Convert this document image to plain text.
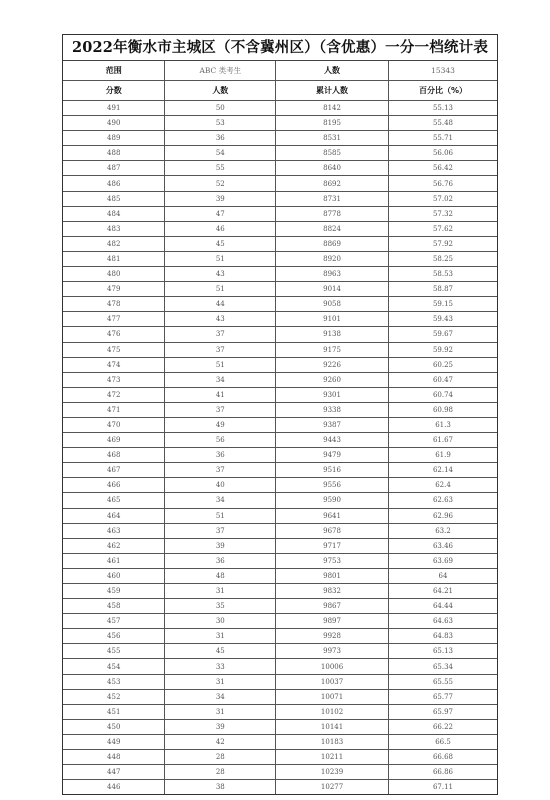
2022年衡水市主城区（不含冀州区）（含优惠）一分一档统计表
范围	ABC 类考生	人数	15343
分数	人数	累计人数	百分比（%）
491	50	8142	55.13
490	53	8195	55.48
489	36	8531	55.71
488	54	8585	56.06
487	55	8640	56.42
486	52	8692	56.76
485	39	8731	57.02
484	47	8778	57.32
483	46	8824	57.62
482	45	8869	57.92
481	51	8920	58.25
480	43	8963	58.53
479	51	9014	58.87
478	44	9058	59.15
477	43	9101	59.43
476	37	9138	59.67
475	37	9175	59.92
474	51	9226	60.25
473	34	9260	60.47
472	41	9301	60.74
471	37	9338	60.98
470	49	9387	61.3
469	56	9443	61.67
468	36	9479	61.9
467	37	9516	62.14
466	40	9556	62.4
465	34	9590	62.63
464	51	9641	62.96
463	37	9678	63.2
462	39	9717	63.46
461	36	9753	63.69
460	48	9801	64
459	31	9832	64.21
458	35	9867	64.44
457	30	9897	64.63
456	31	9928	64.83
455	45	9973	65.13
454	33	10006	65.34
453	31	10037	65.55
452	34	10071	65.77
451	31	10102	65.97
450	39	10141	66.22
449	42	10183	66.5
448	28	10211	66.68
447	28	10239	66.86
446	38	10277	67.11
